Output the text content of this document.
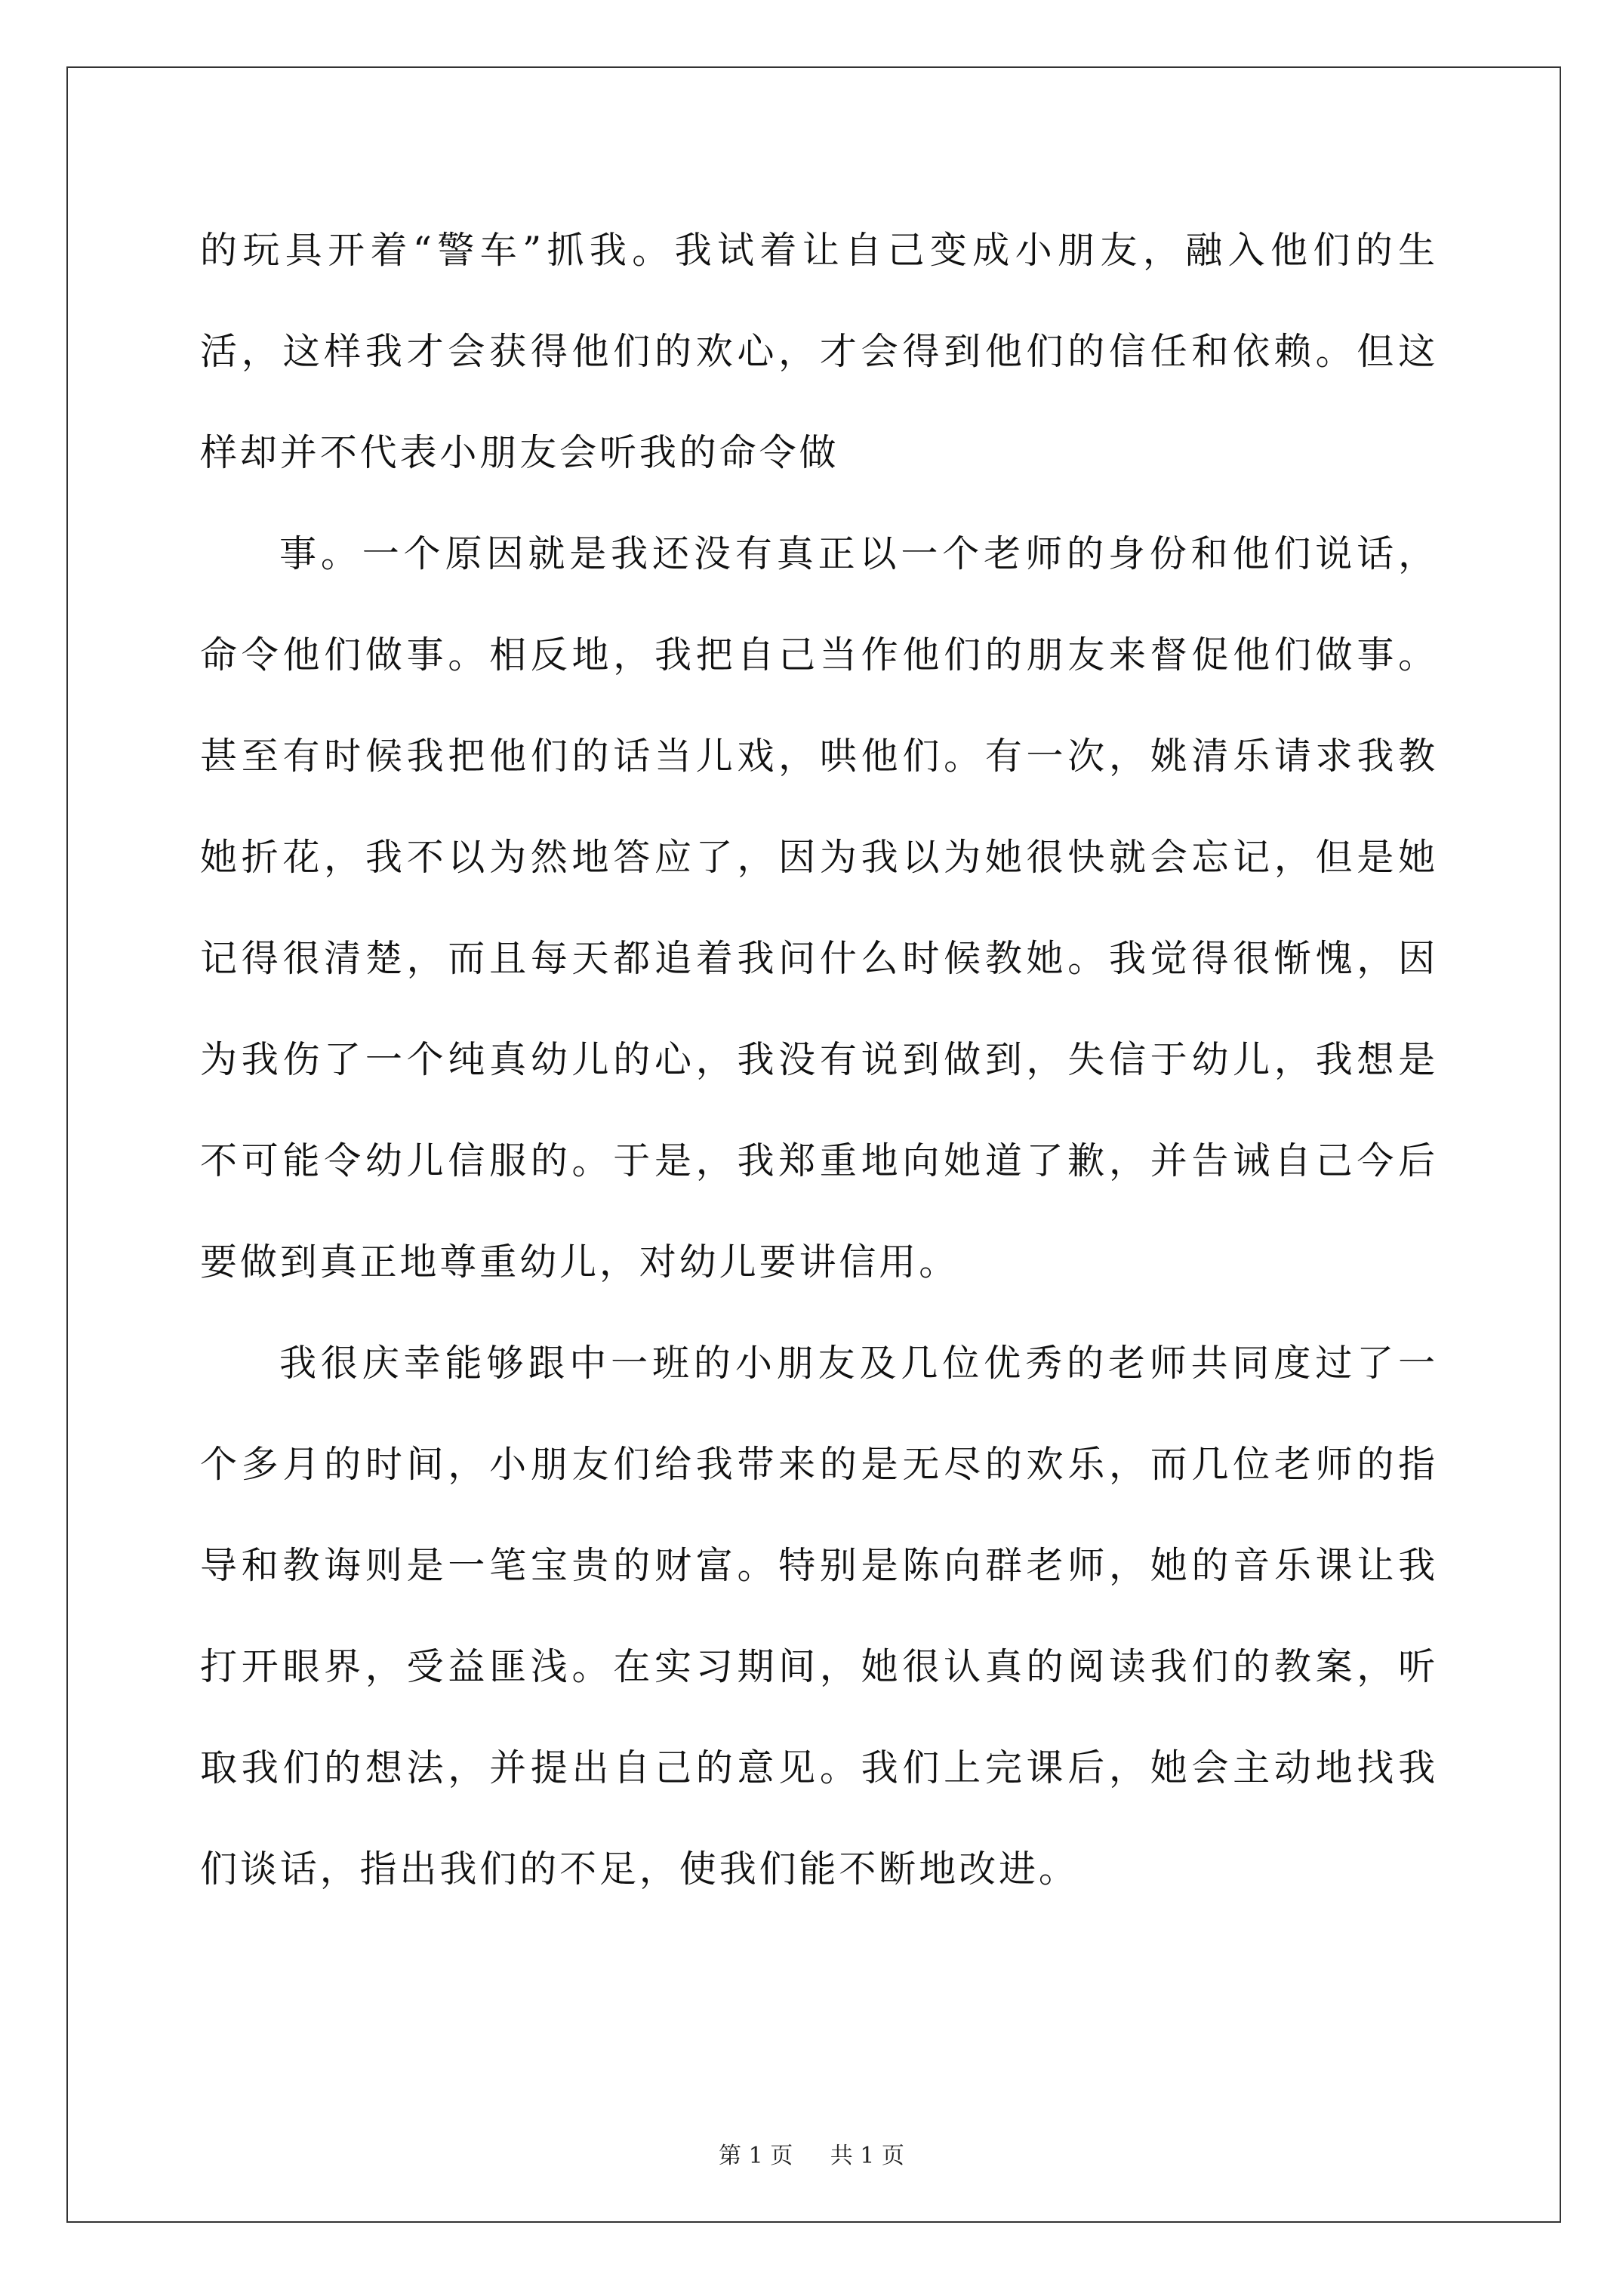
的玩具开着“警车”抓我。我试着让自己变成小朋友，融入他们的生
活，这样我才会获得他们的欢心，才会得到他们的信任和依赖。但这
样却并不代表小朋友会听我的命令做
事。一个原因就是我还没有真正以一个老师的身份和他们说话，
命令他们做事。相反地，我把自己当作他们的朋友来督促他们做事。
甚至有时候我把他们的话当儿戏，哄他们。有一次，姚清乐请求我教
她折花，我不以为然地答应了，因为我以为她很快就会忘记，但是她
记得很清楚，而且每天都追着我问什么时候教她。我觉得很惭愧，因
为我伤了一个纯真幼儿的心，我没有说到做到，失信于幼儿，我想是
不可能令幼儿信服的。于是，我郑重地向她道了歉，并告诫自己今后
要做到真正地尊重幼儿，对幼儿要讲信用。
我很庆幸能够跟中一班的小朋友及几位优秀的老师共同度过了一
个多月的时间，小朋友们给我带来的是无尽的欢乐，而几位老师的指
导和教诲则是一笔宝贵的财富。特别是陈向群老师，她的音乐课让我
打开眼界，受益匪浅。在实习期间，她很认真的阅读我们的教案，听
取我们的想法，并提出自己的意见。我们上完课后，她会主动地找我
们谈话，指出我们的不足，使我们能不断地改进。
第 1 页 共 1 页
